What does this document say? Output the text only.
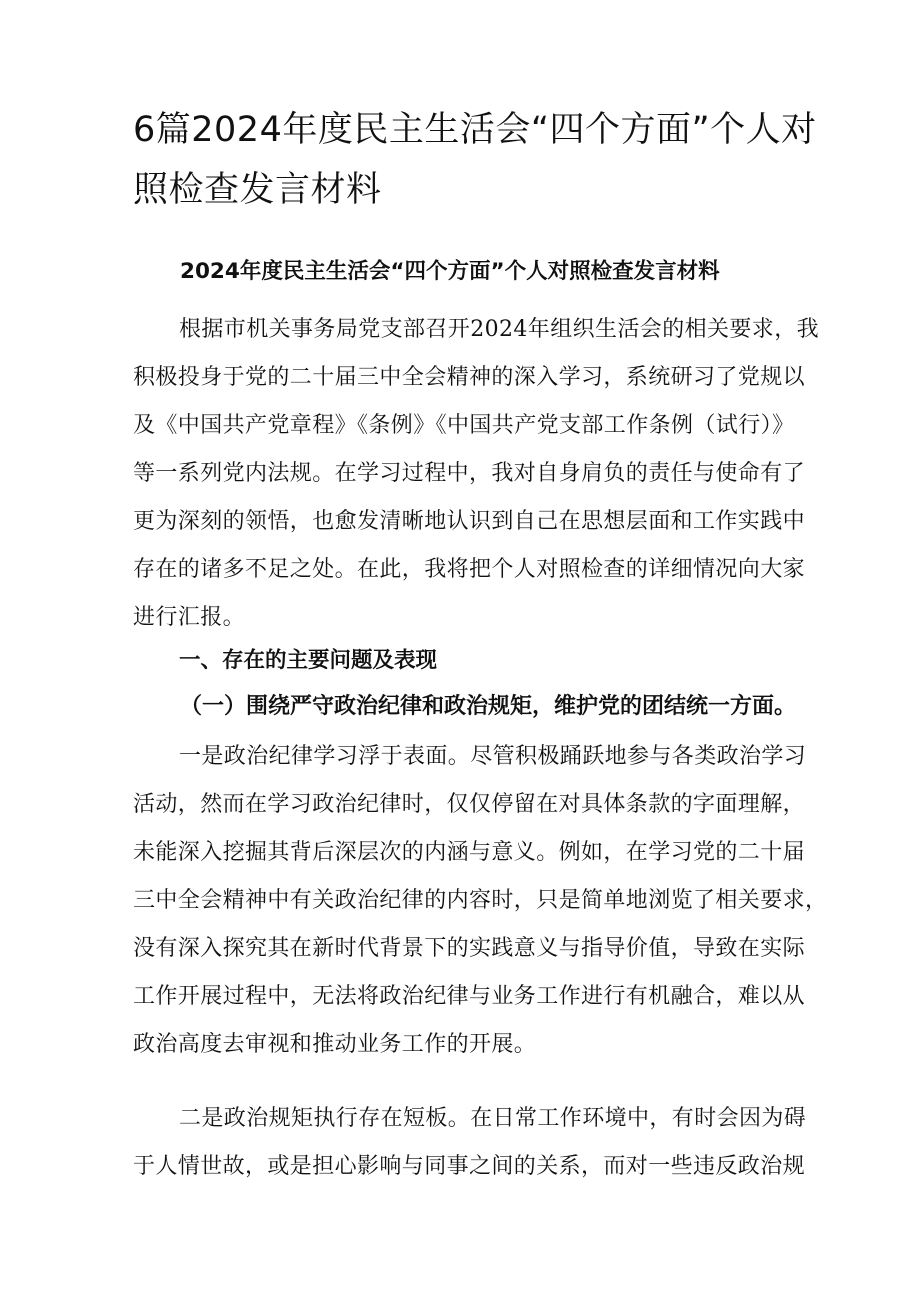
6篇2024年度民主生活会“四个方面”个人对
照检查发言材料
2024年度民主生活会“四个方面”个人对照检查发言材料

根据市机关事务局党支部召开2024年组织生活会的相关要求，我
积极投身于党的二十届三中全会精神的深入学习，系统研习了党规以
及《中国共产党章程》《条例》《中国共产党支部工作条例（试行）》
等一系列党内法规。在学习过程中，我对自身肩负的责任与使命有了
更为深刻的领悟，也愈发清晰地认识到自己在思想层面和工作实践中
存在的诸多不足之处。在此，我将把个人对照检查的详细情况向大家
进行汇报。

一、存在的主要问题及表现
（一）围绕严守政治纪律和政治规矩，维护党的团结统一方面。

一是政治纪律学习浮于表面。尽管积极踊跃地参与各类政治学习
活动，然而在学习政治纪律时，仅仅停留在对具体条款的字面理解，
未能深入挖掘其背后深层次的内涵与意义。例如，在学习党的二十届
三中全会精神中有关政治纪律的内容时，只是简单地浏览了相关要求，
没有深入探究其在新时代背景下的实践意义与指导价值，导致在实际
工作开展过程中，无法将政治纪律与业务工作进行有机融合，难以从
政治高度去审视和推动业务工作的开展。

二是政治规矩执行存在短板。在日常工作环境中，有时会因为碍
于人情世故，或是担心影响与同事之间的关系，而对一些违反政治规
